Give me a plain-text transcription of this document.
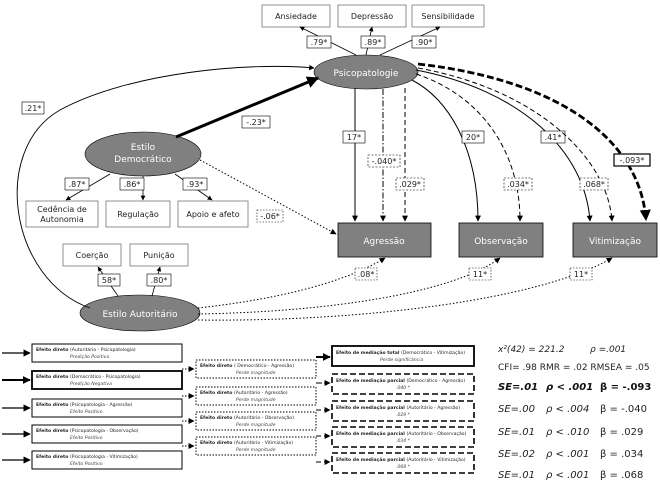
Ansiedade	Depressão	Sensibilidade
.79*	.89*	.90*
Psicopatologie
Estilo
Democrático
.87*	.86*	.93*
Cedência de
Autonomia
Regulação	Apoio e afeto
Estilo Autoritário
Coerção	Punição
58*	.80*
Agressão	Observação	Vitimização
.21*
-.23*
-.06*
17*
-.040*
.029*
20*
.034*
.41*
.068*
-.093*
.08*	11*	11*
Efeito direto (Autoritário - Psicopatologia)
Predição Positiva
Efeito direto (Democrático - Psicopatologia)
Predição Negativa
Efeito direto (Psicopatologia - Agressão)
Efeito Positivo
Efeito direto (Psicopatologia - Observação)
Efeito Positivo
Efeito direto (Psicopatologia - Vitimização)
Efeito Positivo
Efeito direto ( Democrático - Agressão)
Perde magnitude
Efeito direto (Autoritário - Agressão)
Perde magnitude
Efeito direto (Autoritário - Observação)
Perde magnitude
Efeito direto (Autoritário - Vitimização)
Perde magnitude
Efeito de mediação total (Democrático - Vitimização)
Perde significância
Efeito de mediação parcial (Democrático - Agressão)
.040 *
Efeito de mediação parcial (Autoritário - Agressão)
.029 *
Efeito de mediação parcial (Autoritário - Observação)
.034 *
Efeito de mediação parcial (Autoritário - Vitimização)
.068 *
x²(42) = 221.2	ρ =.001
CFI= .98 RMR = .02 RMSEA = .05
SE=.01 ρ < .001 β = -.093
SE=.00 ρ < .004 β = -.040
SE=.01 ρ < .010 β = .029
SE=.02 ρ < .001 β = .034
SE=.01 ρ < .001 β = .068
